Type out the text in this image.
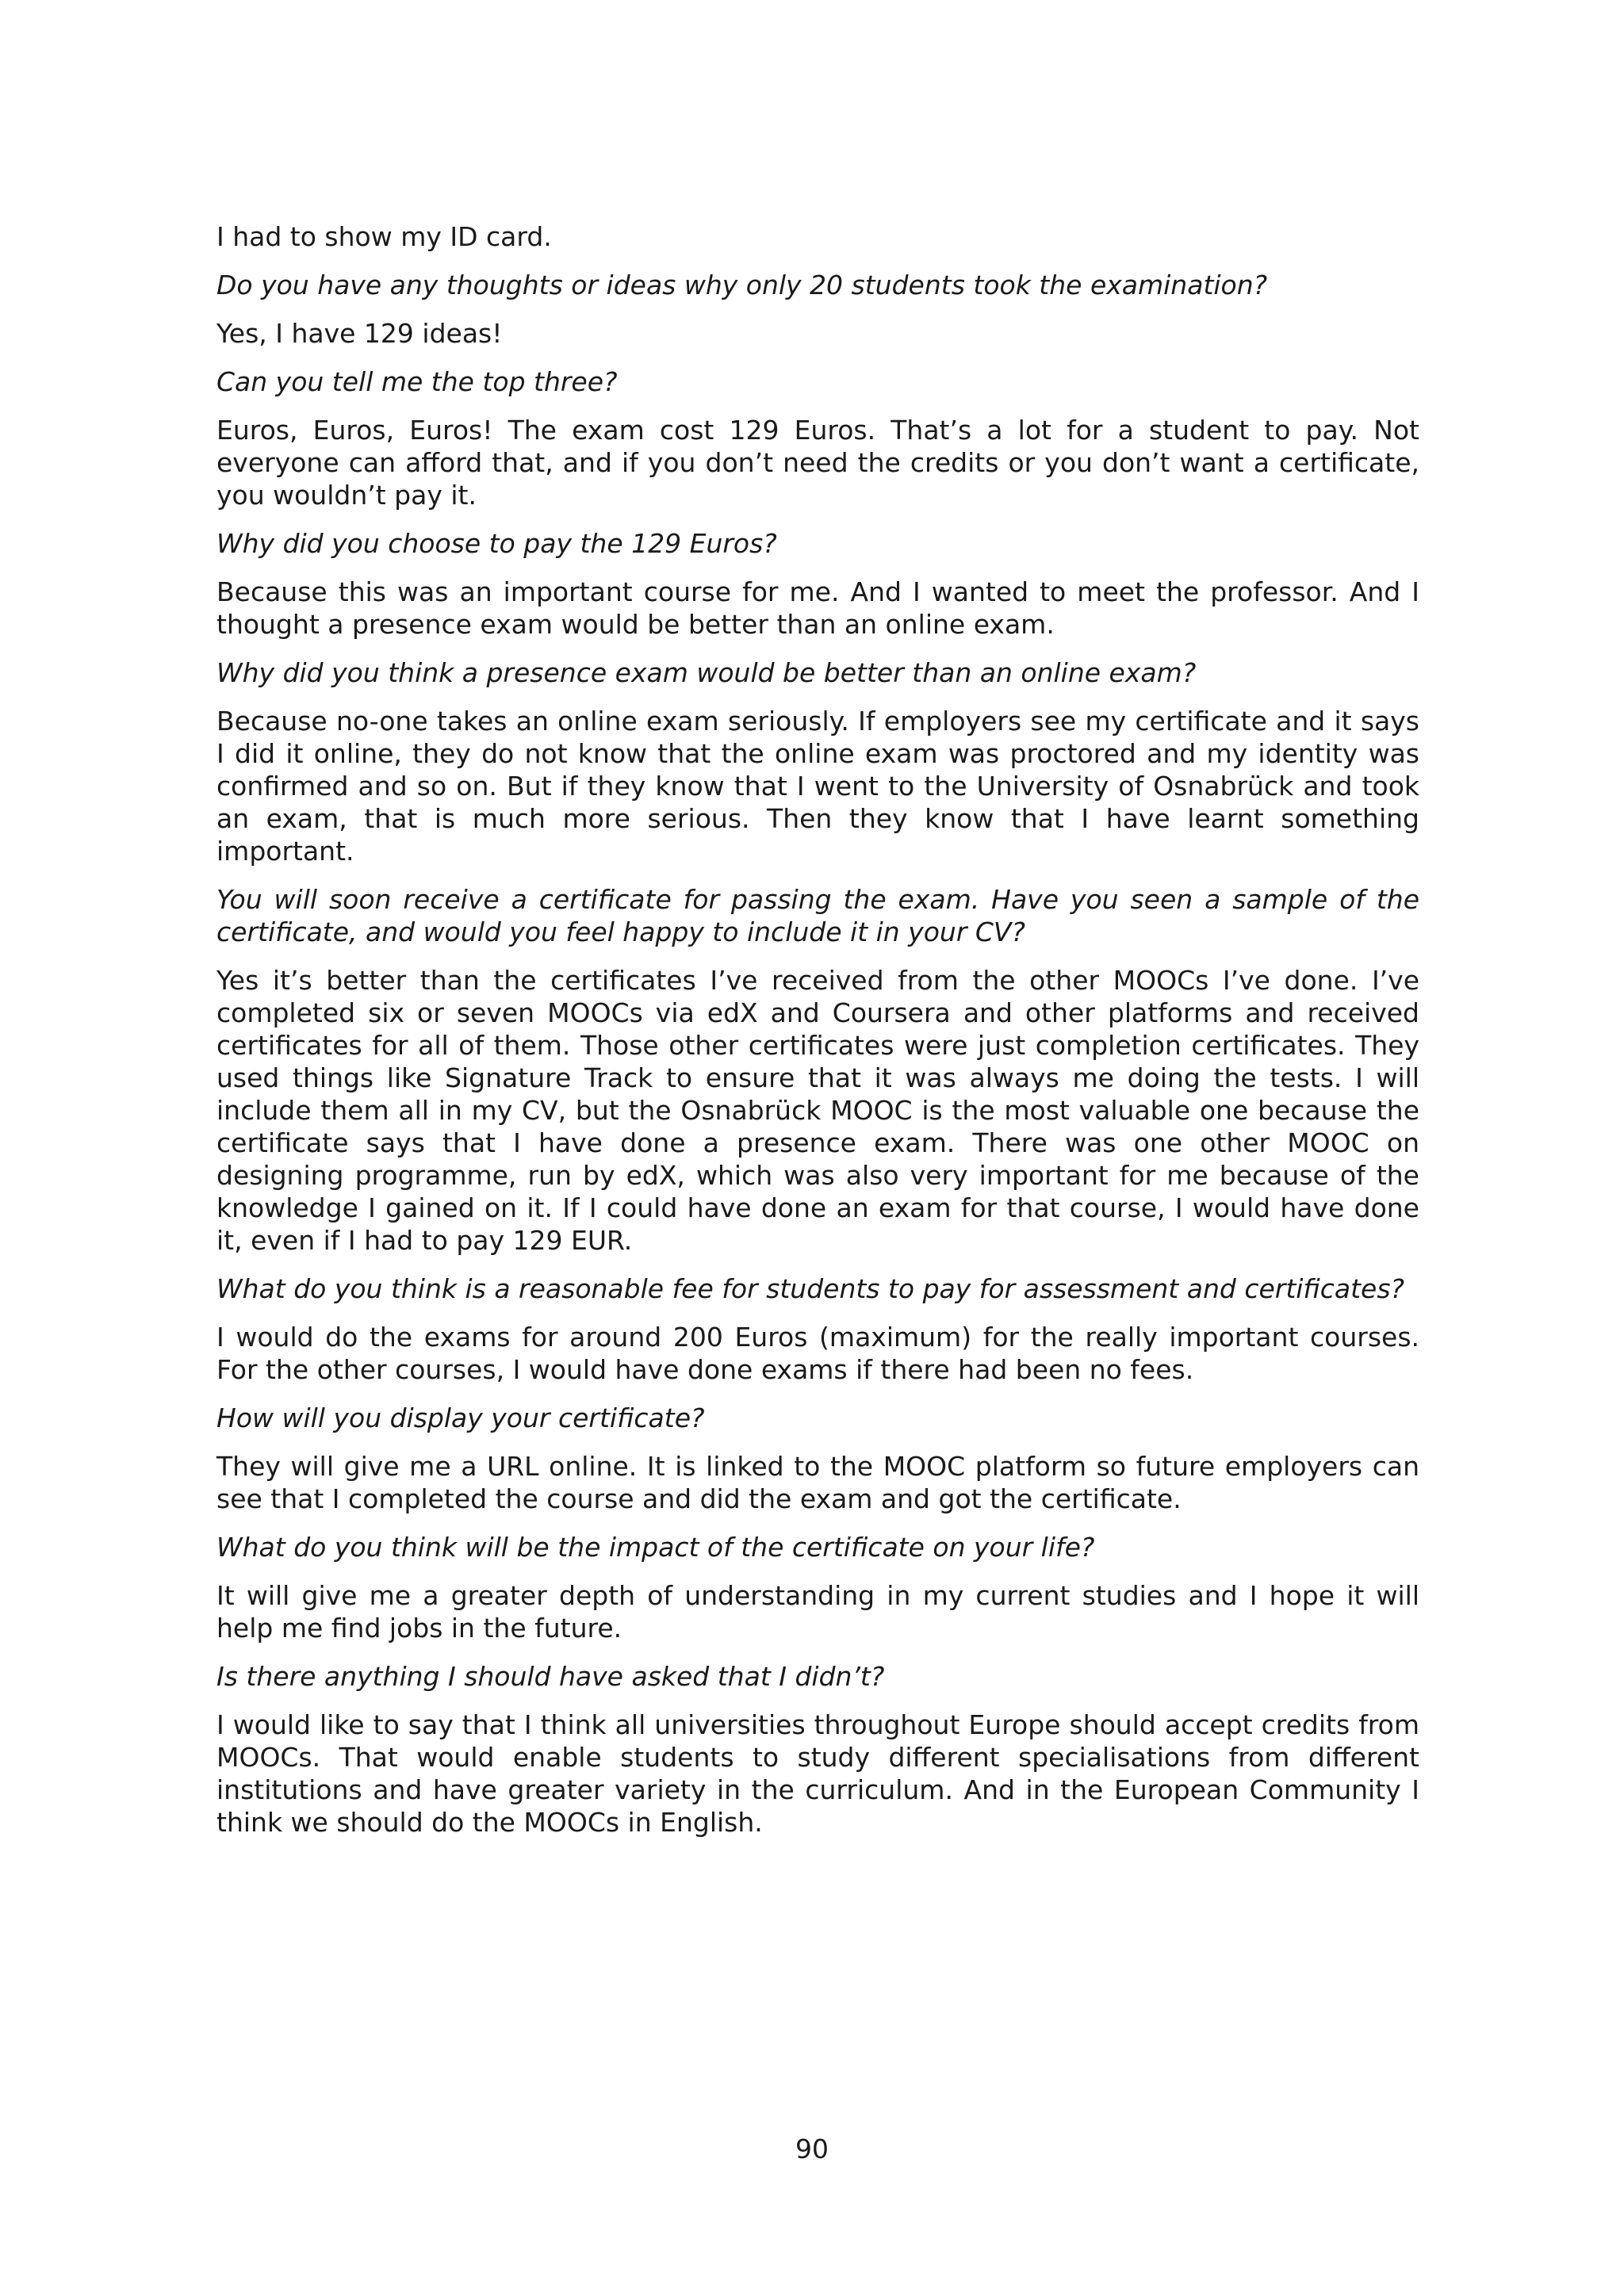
I had to show my ID card.

Do you have any thoughts or ideas why only 20 students took the examination?

Yes, I have 129 ideas!

Can you tell me the top three?

Euros, Euros, Euros! The exam cost 129 Euros. That’s a lot for a student to pay. Not everyone can afford that, and if you don’t need the credits or you don’t want a certificate, you wouldn’t pay it.

Why did you choose to pay the 129 Euros?

Because this was an important course for me. And I wanted to meet the professor. And I thought a presence exam would be better than an online exam.

Why did you think a presence exam would be better than an online exam?

Because no-one takes an online exam seriously. If employers see my certificate and it says I did it online, they do not know that the online exam was proctored and my identity was confirmed and so on. But if they know that I went to the University of Osnabrück and took an exam, that is much more serious. Then they know that I have learnt something important.

You will soon receive a certificate for passing the exam. Have you seen a sample of the certificate, and would you feel happy to include it in your CV?

Yes it’s better than the certificates I’ve received from the other MOOCs I’ve done. I’ve completed six or seven MOOCs via edX and Coursera and other platforms and received certificates for all of them. Those other certificates were just completion certificates. They used things like Signature Track to ensure that it was always me doing the tests. I will include them all in my CV, but the Osnabrück MOOC is the most valuable one because the certificate says that I have done a presence exam. There was one other MOOC on designing programme, run by edX, which was also very important for me because of the knowledge I gained on it. If I could have done an exam for that course, I would have done it, even if I had to pay 129 EUR.

What do you think is a reasonable fee for students to pay for assessment and certificates?

I would do the exams for around 200 Euros (maximum) for the really important courses. For the other courses, I would have done exams if there had been no fees.

How will you display your certificate?

They will give me a URL online. It is linked to the MOOC platform so future employers can see that I completed the course and did the exam and got the certificate.

What do you think will be the impact of the certificate on your life?

It will give me a greater depth of understanding in my current studies and I hope it will help me find jobs in the future.

Is there anything I should have asked that I didn’t?

I would like to say that I think all universities throughout Europe should accept credits from MOOCs. That would enable students to study different specialisations from different institutions and have greater variety in the curriculum. And in the European Community I think we should do the MOOCs in English.

90
